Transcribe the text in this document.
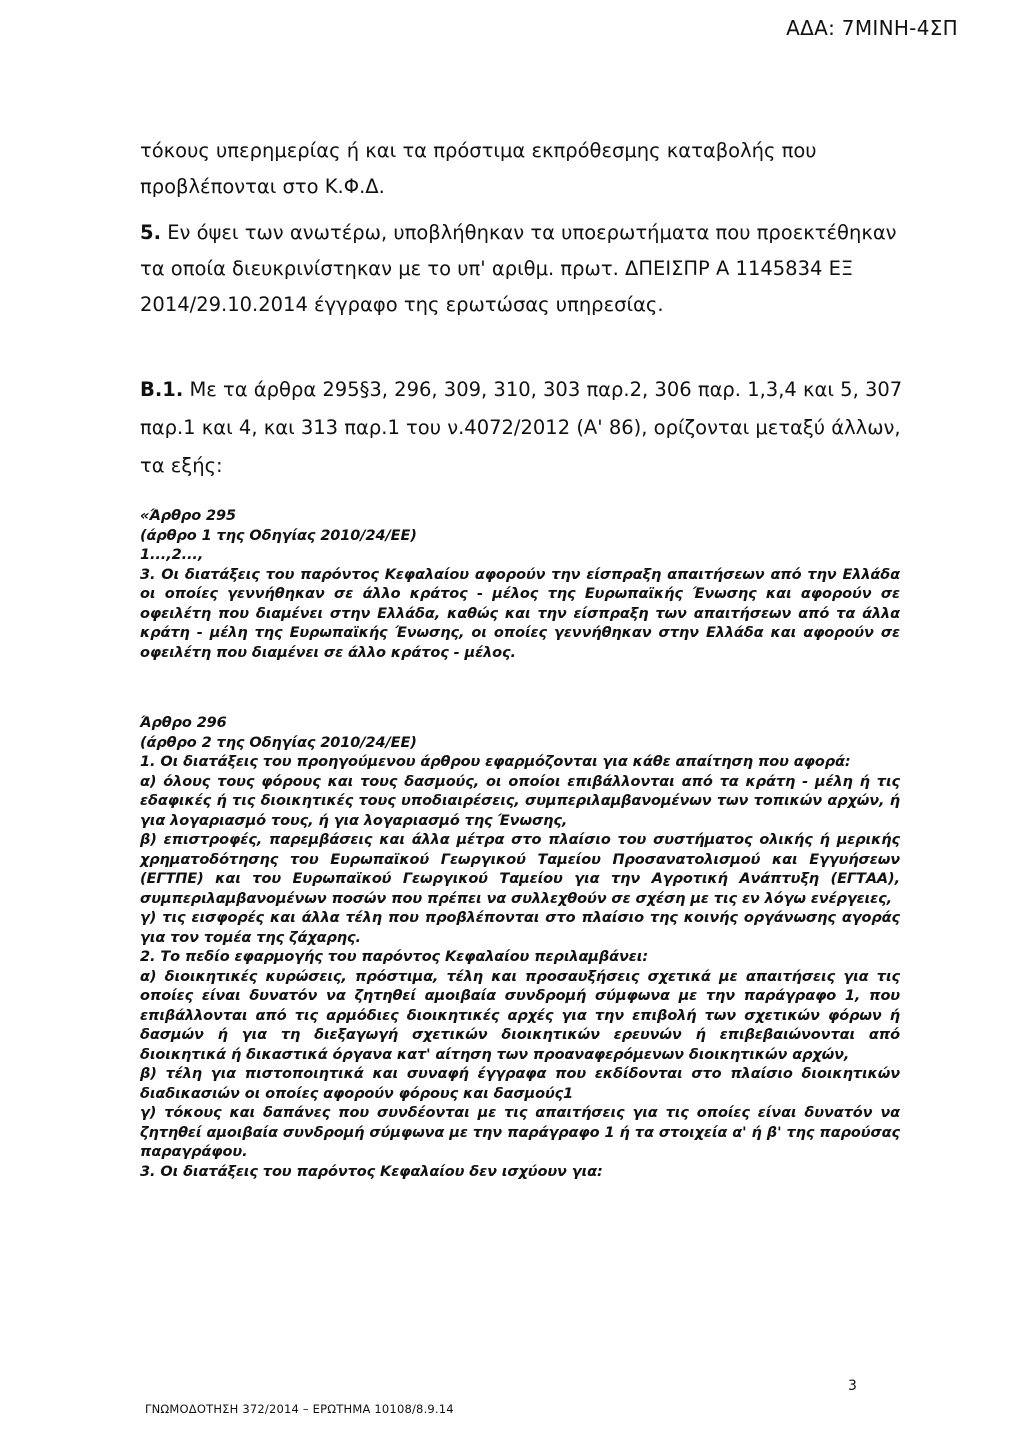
ΑΔΑ: 7ΜΙΝΗ-4ΣΠ
τόκους υπερημερίας ή και τα πρόστιμα εκπρόθεσμης καταβολής που προβλέπονται στο Κ.Φ.Δ.
5. Εν όψει των ανωτέρω, υποβλήθηκαν τα υποερωτήματα που προεκτέθηκαν τα οποία διευκρινίστηκαν με το υπ' αριθμ. πρωτ. ΔΠΕΙΣΠΡ Α 1145834 ΕΞ 2014/29.10.2014 έγγραφο της ερωτώσας υπηρεσίας.
Β.1. Με τα άρθρα 295§3, 296, 309, 310, 303 παρ.2, 306 παρ. 1,3,4 και 5, 307 παρ.1 και 4, και 313 παρ.1 του ν.4072/2012 (Α' 86), ορίζονται μεταξύ άλλων, τα εξής:

«Άρθρο 295

(άρθρο 1 της Οδηγίας 2010/24/ΕΕ)

1...,2...,

3. Οι διατάξεις του παρόντος Κεφαλαίου αφορούν την είσπραξη απαιτήσεων από την Ελλάδα οι οποίες γεννήθηκαν σε άλλο κράτος - μέλος της Ευρωπαϊκής Ένωσης και αφορούν σε οφειλέτη που διαμένει στην Ελλάδα, καθώς και την είσπραξη των απαιτήσεων από τα άλλα κράτη - μέλη της Ευρωπαϊκής Ένωσης, οι οποίες γεννήθηκαν στην Ελλάδα και αφορούν σε οφειλέτη που διαμένει σε άλλο κράτος - μέλος.

Άρθρο 296

(άρθρο 2 της Οδηγίας 2010/24/ΕΕ)

1. Οι διατάξεις του προηγούμενου άρθρου εφαρμόζονται για κάθε απαίτηση που αφορά:

α) όλους τους φόρους και τους δασμούς, οι οποίοι επιβάλλονται από τα κράτη - μέλη ή τις εδαφικές ή τις διοικητικές τους υποδιαιρέσεις, συμπεριλαμβανομένων των τοπικών αρχών, ή για λογαριασμό τους, ή για λογαριασμό της Ένωσης,

β) επιστροφές, παρεμβάσεις και άλλα μέτρα στο πλαίσιο του συστήματος ολικής ή μερικής χρηματοδότησης του Ευρωπαϊκού Γεωργικού Ταμείου Προσανατολισμού και Εγγυήσεων (ΕΓΤΠΕ) και του Ευρωπαϊκού Γεωργικού Ταμείου για την Αγροτική Ανάπτυξη (ΕΓΤΑΑ), συμπεριλαμβανομένων ποσών που πρέπει να συλλεχθούν σε σχέση με τις εν λόγω ενέργειες,

γ) τις εισφορές και άλλα τέλη που προβλέπονται στο πλαίσιο της κοινής οργάνωσης αγοράς για τον τομέα της ζάχαρης.

2. Το πεδίο εφαρμογής του παρόντος Κεφαλαίου περιλαμβάνει:

α) διοικητικές κυρώσεις, πρόστιμα, τέλη και προσαυξήσεις σχετικά με απαιτήσεις για τις οποίες είναι δυνατόν να ζητηθεί αμοιβαία συνδρομή σύμφωνα με την παράγραφο 1, που επιβάλλονται από τις αρμόδιες διοικητικές αρχές για την επιβολή των σχετικών φόρων ή δασμών ή για τη διεξαγωγή σχετικών διοικητικών ερευνών ή επιβεβαιώνονται από διοικητικά ή δικαστικά όργανα κατ' αίτηση των προαναφερόμενων διοικητικών αρχών,

β) τέλη για πιστοποιητικά και συναφή έγγραφα που εκδίδονται στο πλαίσιο διοικητικών διαδικασιών οι οποίες αφορούν φόρους και δασμούς1

γ) τόκους και δαπάνες που συνδέονται με τις απαιτήσεις για τις οποίες είναι δυνατόν να ζητηθεί αμοιβαία συνδρομή σύμφωνα με την παράγραφο 1 ή τα στοιχεία α' ή β' της παρούσας παραγράφου.

3. Οι διατάξεις του παρόντος Κεφαλαίου δεν ισχύουν για:

3
ΓΝΩΜΟΔΟΤΗΣΗ 372/2014 – ΕΡΩΤΗΜΑ 10108/8.9.14
